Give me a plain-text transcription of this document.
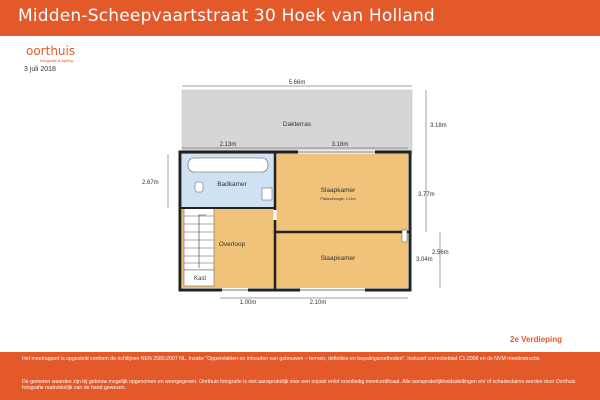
Midden-Scheepvaartstraat 30 Hoek van Holland
oorthuis
fotografie & styling
3 juli 2018
Dakterras
Badkamer
Slaapkamer
Plafondhoogte: 2.16m
Overloop
Slaapkamer
Kast
5.66m
2.13m	3.18m
3.18m
2.67m
3.77m
2.56m
3.04m
1.00m	2.10m
2e Verdieping

Het meetrapport is opgesteld conform de richtlijnen NEN 2580:2007 NL. Inzake "Oppervlakten en inhouden van gebouwen – termen, definities en bepalingsmethoden". Inclusief correctieblad C1:2008 en de NVM meetinstructie.

De gemeten waarden zijn bij gebouw mogelijk opgenomen en weergegeven. Oorthuis fotografie is niet aansprakelijk voor een onjuist en/of onvolledig meetcertificaat. Alle aansprakelijkheidsstellingen en/ of schadeclaims worden door Oorthuis fotografie nadrukkelijk van de hand gewezen.
